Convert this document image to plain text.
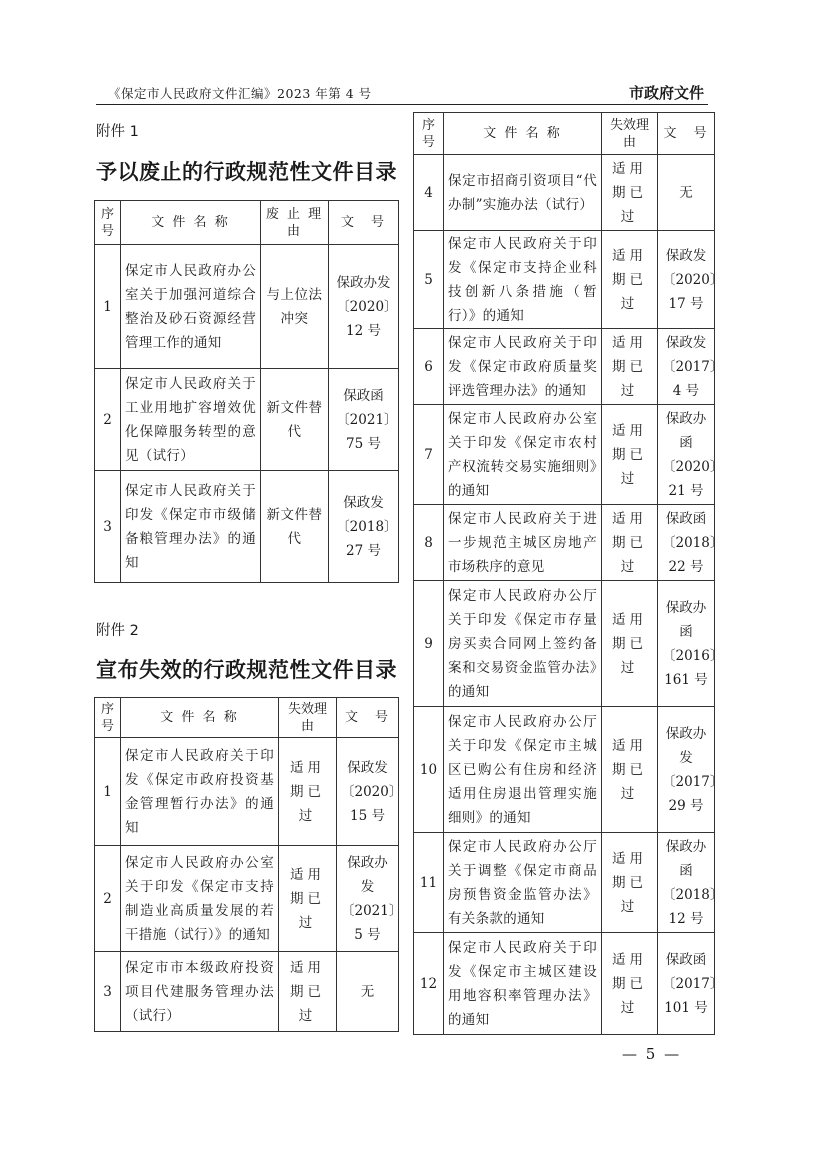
《保定市人民政府文件汇编》2023 年第 4 号	市政府文件
附件 1
予以废止的行政规范性文件目录
序号	文 件 名 称	废 止 理 由	文　号
1	保定市人民政府办公室关于加强河道综合整治及砂石资源经营管理工作的通知	与上位法冲突	保政办发〔2020〕12 号
2	保定市人民政府关于工业用地扩容增效优化保障服务转型的意见（试行）	新文件替代	保政函〔2021〕75 号
3	保定市人民政府关于印发《保定市市级储备粮管理办法》的通知	新文件替代	保政发〔2018〕27 号
附件 2
宣布失效的行政规范性文件目录
序号	文 件 名 称	失效理由	文　号
1	保定市人民政府关于印发《保定市政府投资基金管理暂行办法》的通知	适用期已过	保政发〔2020〕15 号
2	保定市人民政府办公室关于印发《保定市支持制造业高质量发展的若干措施（试行）》的通知	适用期已过	保政办发〔2021〕5 号
3	保定市市本级政府投资项目代建服务管理办法（试行）	适用期已过	无
序号	文 件 名 称	失效理由	文　号
4	保定市招商引资项目“代办制”实施办法（试行）	适用期已过	无
5	保定市人民政府关于印发《保定市支持企业科技创新八条措施（暂行）》的通知	适用期已过	保政发〔2020〕17 号
6	保定市人民政府关于印发《保定市政府质量奖评选管理办法》的通知	适用期已过	保政发〔2017〕4 号
7	保定市人民政府办公室关于印发《保定市农村产权流转交易实施细则》的通知	适用期已过	保政办函〔2020〕21 号
8	保定市人民政府关于进一步规范主城区房地产市场秩序的意见	适用期已过	保政函〔2018〕22 号
9	保定市人民政府办公厅关于印发《保定市存量房买卖合同网上签约备案和交易资金监管办法》的通知	适用期已过	保政办函〔2016〕161 号
10	保定市人民政府办公厅关于印发《保定市主城区已购公有住房和经济适用住房退出管理实施细则》的通知	适用期已过	保政办发〔2017〕29 号
11	保定市人民政府办公厅关于调整《保定市商品房预售资金监管办法》有关条款的通知	适用期已过	保政办函〔2018〕12 号
12	保定市人民政府关于印发《保定市主城区建设用地容积率管理办法》的通知	适用期已过	保政函〔2017〕101 号
— 5 —
